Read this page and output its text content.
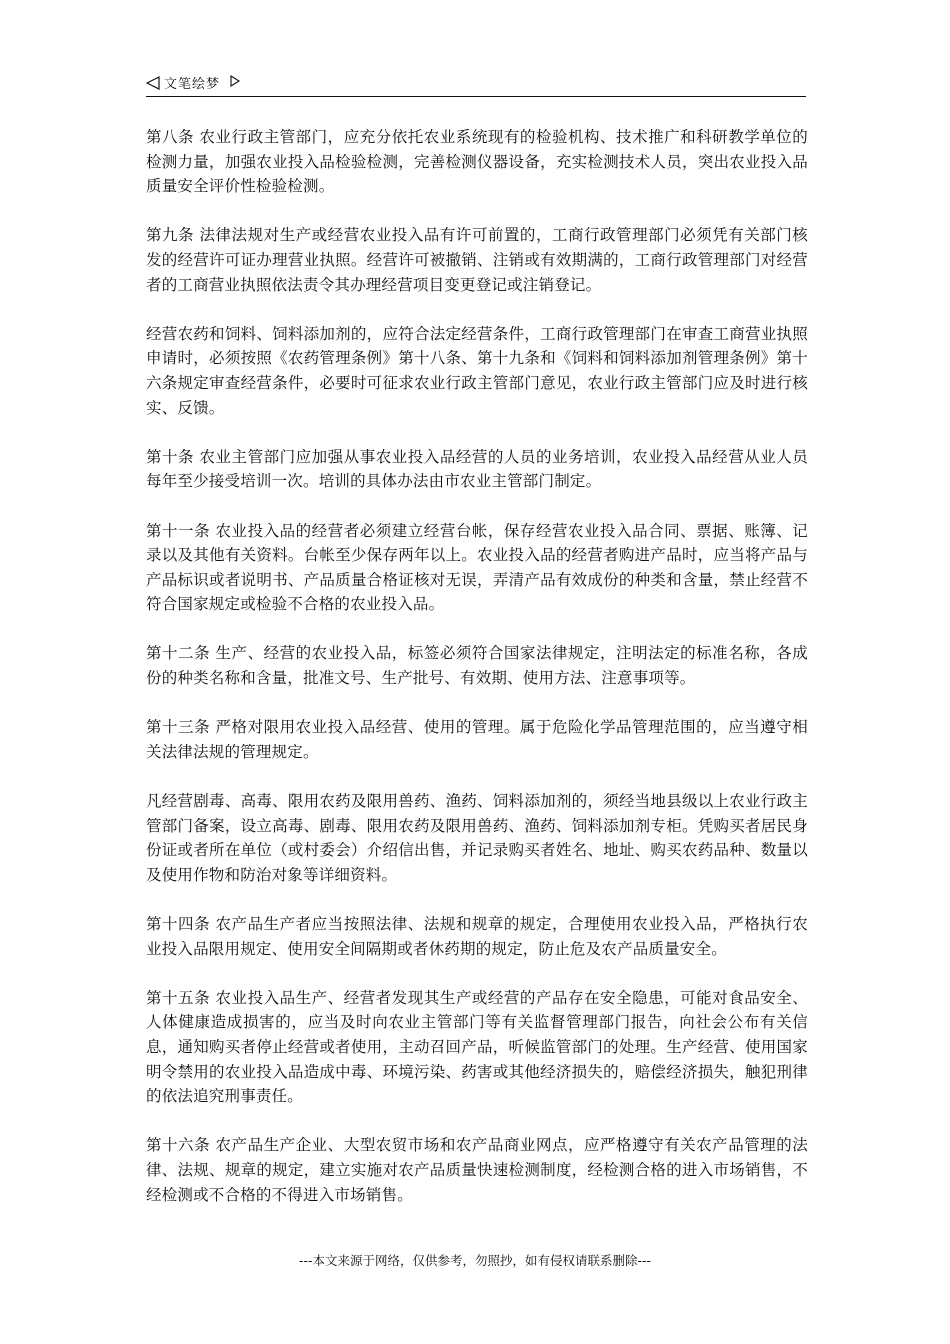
文笔绘梦

第八条 农业行政主管部门，应充分依托农业系统现有的检验机构、技术推广和科研教学单位的检测力量，加强农业投入品检验检测，完善检测仪器设备，充实检测技术人员，突出农业投入品质量安全评价性检验检测。

第九条 法律法规对生产或经营农业投入品有许可前置的，工商行政管理部门必须凭有关部门核发的经营许可证办理营业执照。经营许可被撤销、注销或有效期满的，工商行政管理部门对经营者的工商营业执照依法责令其办理经营项目变更登记或注销登记。

经营农药和饲料、饲料添加剂的，应符合法定经营条件，工商行政管理部门在审查工商营业执照申请时，必须按照《农药管理条例》第十八条、第十九条和《饲料和饲料添加剂管理条例》第十六条规定审查经营条件，必要时可征求农业行政主管部门意见，农业行政主管部门应及时进行核实、反馈。

第十条 农业主管部门应加强从事农业投入品经营的人员的业务培训，农业投入品经营从业人员每年至少接受培训一次。培训的具体办法由市农业主管部门制定。

第十一条 农业投入品的经营者必须建立经营台帐，保存经营农业投入品合同、票据、账簿、记录以及其他有关资料。台帐至少保存两年以上。农业投入品的经营者购进产品时，应当将产品与产品标识或者说明书、产品质量合格证核对无误，弄清产品有效成份的种类和含量，禁止经营不符合国家规定或检验不合格的农业投入品。

第十二条 生产、经营的农业投入品，标签必须符合国家法律规定，注明法定的标准名称，各成份的种类名称和含量，批准文号、生产批号、有效期、使用方法、注意事项等。

第十三条 严格对限用农业投入品经营、使用的管理。属于危险化学品管理范围的，应当遵守相关法律法规的管理规定。

凡经营剧毒、高毒、限用农药及限用兽药、渔药、饲料添加剂的，须经当地县级以上农业行政主管部门备案，设立高毒、剧毒、限用农药及限用兽药、渔药、饲料添加剂专柜。凭购买者居民身份证或者所在单位（或村委会）介绍信出售，并记录购买者姓名、地址、购买农药品种、数量以及使用作物和防治对象等详细资料。

第十四条 农产品生产者应当按照法律、法规和规章的规定，合理使用农业投入品，严格执行农业投入品限用规定、使用安全间隔期或者休药期的规定，防止危及农产品质量安全。

第十五条 农业投入品生产、经营者发现其生产或经营的产品存在安全隐患，可能对食品安全、人体健康造成损害的，应当及时向农业主管部门等有关监督管理部门报告，向社会公布有关信息，通知购买者停止经营或者使用，主动召回产品，听候监管部门的处理。生产经营、使用国家明令禁用的农业投入品造成中毒、环境污染、药害或其他经济损失的，赔偿经济损失，触犯刑律的依法追究刑事责任。

第十六条 农产品生产企业、大型农贸市场和农产品商业网点，应严格遵守有关农产品管理的法律、法规、规章的规定，建立实施对农产品质量快速检测制度，经检测合格的进入市场销售，不经检测或不合格的不得进入市场销售。

---本文来源于网络，仅供参考，勿照抄，如有侵权请联系删除---
